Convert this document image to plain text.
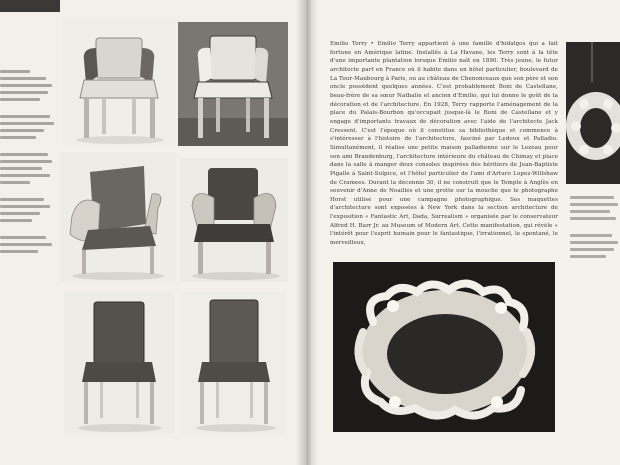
Emilio Terry • Emilio Terry appartient à une famille d'hidalgos qui a fait fortune en Amérique latine. Installés à La Havane, les Terry sont à la tête d'une importante plantation lorsque Emilio naît en 1890. Très jeune, le futur architecte part en France où il habite dans un hôtel particulier, boulevard de La Tour-Maubourg à Paris, ou au château de Chenonceaux que son père et son oncle possèdent quelques années. C'est probablement Boni de Castellane, beau-frère de sa sœur Nathalie et ancien d'Emilio, qui lui donne le goût de la décoration et de l'architecture. En 1928, Terry rapporte l'aménagement de la place du Palais-Bourbon qu'occupait jusque-là le Boni de Castellane et y engage d'importants travaux de décoration avec l'aide de l'architecte Jack Cressent. C'est l'époque où il constitue sa bibliothèque et commence à s'intéresser à l'histoire de l'architecture, fasciné par Ledoux et Palladio. Simultanément, il réalise une petite maison palladienne sur le Lezeau pour son ami Brandenburg, l'architecture intérieure du château de Chimay et place dans la salle à manger deux consoles inspirées des héritiers de Jean-Baptiste Pigalle à Saint-Sulpice, et l'hôtel particulier de l'ami d'Arturo Lopez-Willshaw de Cramees. Durant la décennie 30, il ne construit que le Temple à Anglès en souvenir d'Anne de Noailles et une grotte sur la mouche que le photographe Horst utilise pour une campagne photographique. Ses maquettes d'architecture sont exposées à New York dans la section architecture de l'exposition « Fantastic Art, Dada, Surrealism » organisée par le conservateur Alfred H. Barr Jr. au Museum of Modern Art. Cette manifestation, qui révèle « l'intérêt pour l'esprit humain pour le fantastique, l'irrationnel, le spontané, le merveilleux,
